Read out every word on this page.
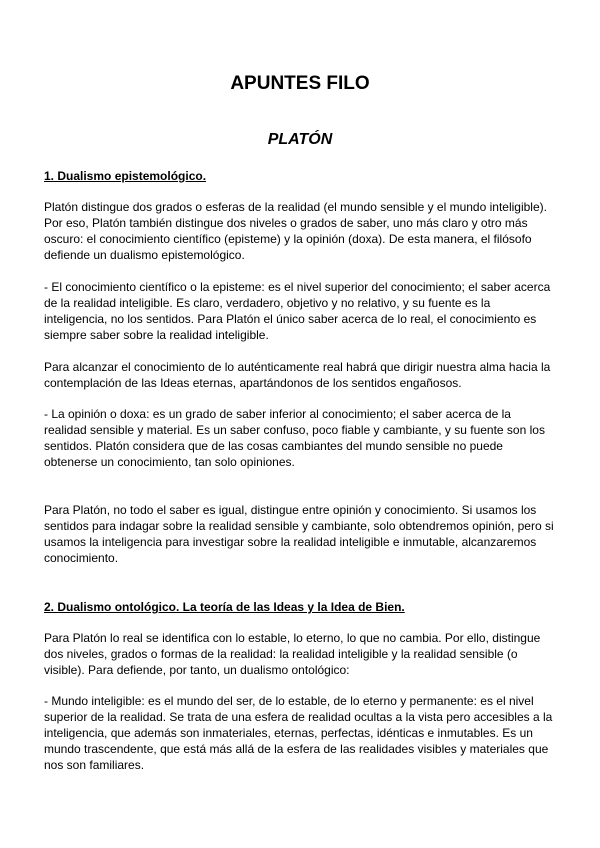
APUNTES FILO
PLATÓN
1. Dualismo epistemológico.

Platón distingue dos grados o esferas de la realidad (el mundo sensible y el mundo inteligible).
Por eso, Platón también distingue dos niveles o grados de saber, uno más claro y otro más
oscuro: el conocimiento científico (episteme) y la opinión (doxa). De esta manera, el filósofo
defiende un dualismo epistemológico.

- El conocimiento científico o la episteme: es el nivel superior del conocimiento; el saber acerca
de la realidad inteligible. Es claro, verdadero, objetivo y no relativo, y su fuente es la
inteligencia, no los sentidos. Para Platón el único saber acerca de lo real, el conocimiento es
siempre saber sobre la realidad inteligible.

Para alcanzar el conocimiento de lo auténticamente real habrá que dirigir nuestra alma hacia la
contemplación de las Ideas eternas, apartándonos de los sentidos engañosos.

- La opinión o doxa: es un grado de saber inferior al conocimiento; el saber acerca de la
realidad sensible y material. Es un saber confuso, poco fiable y cambiante, y su fuente son los
sentidos. Platón considera que de las cosas cambiantes del mundo sensible no puede
obtenerse un conocimiento, tan solo opiniones.

Para Platón, no todo el saber es igual, distingue entre opinión y conocimiento. Si usamos los
sentidos para indagar sobre la realidad sensible y cambiante, solo obtendremos opinión, pero si
usamos la inteligencia para investigar sobre la realidad inteligible e inmutable, alcanzaremos
conocimiento.

2. Dualismo ontológico. La teoría de las Ideas y la Idea de Bien.

Para Platón lo real se identifica con lo estable, lo eterno, lo que no cambia. Por ello, distingue
dos niveles, grados o formas de la realidad: la realidad inteligible y la realidad sensible (o
visible). Para defiende, por tanto, un dualismo ontológico:

- Mundo inteligible: es el mundo del ser, de lo estable, de lo eterno y permanente: es el nivel
superior de la realidad. Se trata de una esfera de realidad ocultas a la vista pero accesibles a la
inteligencia, que además son inmateriales, eternas, perfectas, idénticas e inmutables. Es un
mundo trascendente, que está más allá de la esfera de las realidades visibles y materiales que
nos son familiares.
